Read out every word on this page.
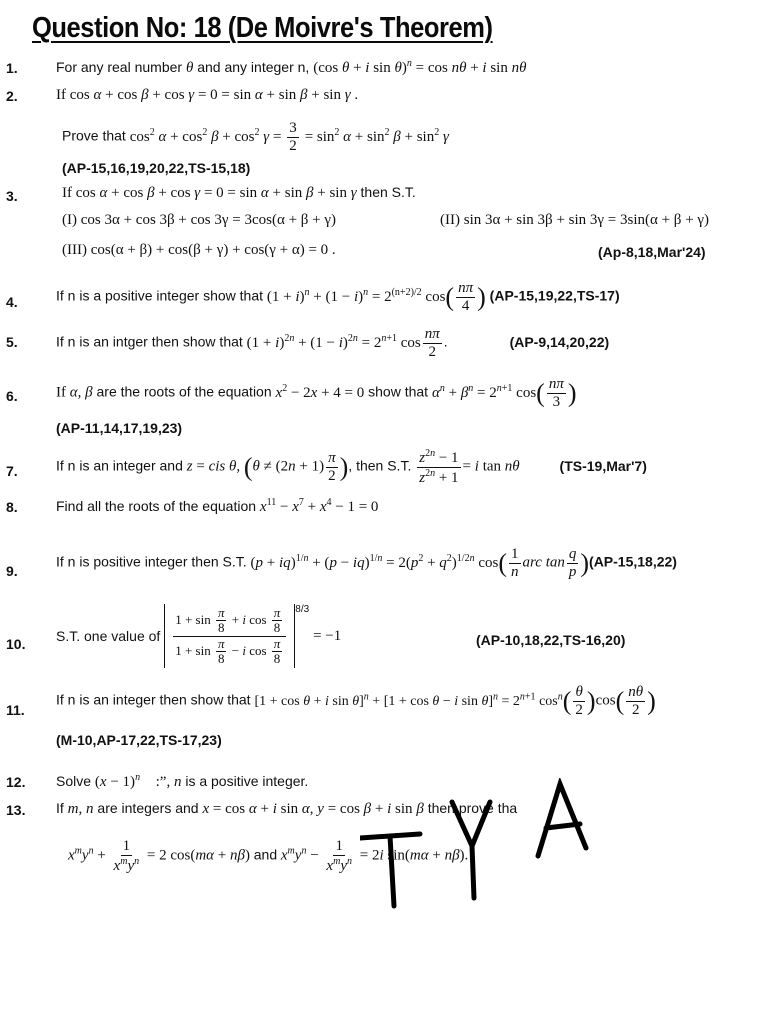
Question No: 18 (De Moivre's Theorem)
1.	For any real number θ and any integer n, (cos θ + i sin θ)$^n$ = cos nθ + i sin nθ
2.	If cos α + cos β + cos γ = 0 = sin α + sin β + sin γ .
Prove that $\cos^2 \alpha + \cos^2 \beta + \cos^2 \gamma = \frac{3}{2} = \sin^2 \alpha + \sin^2 \beta + \sin^2 \gamma$
(AP-15,16,19,20,22,TS-15,18)
3.	If cos α + cos β + cos γ = 0 = sin α + sin β + sin γ then S.T.
(I) cos 3α + cos 3β + cos 3γ = 3cos(α + β + γ)	(II) sin 3α + sin 3β + sin 3γ = 3sin(α + β + γ)
(III) cos(α + β) + cos(β + γ) + cos(γ + α) = 0 .	(Ap-8,18,Mar'24)
4.	If n is a positive integer show that $(1 + i)^n + (1 - i)^n = 2^{(n+2)/2}$ $\cos( \frac{n\pi}{4}$ ) (AP-15,19,22,TS-17)
5.	If n is an intger then show that $(1 + i)^{2n} + (1 - i)^{2n} = 2^{n+1}$ $\cos \frac{n\pi}{2}$ .	(AP-9,14,20,22)
6.	If α, β are the roots of the equation $x^2 - 2x + 4 = 0$ show that $\alpha^n + \beta^n = 2^{n+1}$ $\cos( \frac{n\pi}{3}$ )
(AP-11,14,17,19,23)
7.	If n is an integer and z = cis θ, ($\theta \ne (2n + 1) \frac{\pi}{2}$ ), then S.T. $\frac{z^{2n} - 1}{z^{2n} + 1} = i$ tan nθ	(TS-19,Mar'7)
8.	Find all the roots of the equation $x^{11} - x^7 + x^4 - 1 = 0$
9.
If n is positive integer then S.T. $(p + iq)^{1/n} + (p - iq)^{1/n} = 2(p^2 + q^2)^{1/2n}$ $\cos( \frac{1}{n}$ arc $\tan \frac{q}{p} )(AP-15,18,22)$
10.
S.T. one value of $\frac{1 + \sin \frac{\pi}{8} + i \cos \frac{\pi}{8}}{1 + \sin \frac{\pi}{8} - i \cos \frac{\pi}{8}} ^{8/3} = -1$	(AP-10,18,22,TS-16,20)
11.
If n is an integer then show that [1 + cos θ + i sin θ]$^n$ + [1 + cos θ − i $\sin \theta]^n = 2^{n+1}$ $\cos^n( \frac{\theta}{2} )\cos( \frac{n\theta}{2}$ )
(M-10,AP-17,22,TS-17,23)
12.	Solve $(x - 1)^n$ :”, n is a positive integer.
13.	If m, n are integers and x = cos α + i sin α, y = cos β + i sin β then prove tha
$x^my^n + \frac{1}{x^my^n} = 2$ cos(mα + nβ) and $x^my^n - \frac{1}{x^my^n} = 2i$ sin(mα + nβ).
